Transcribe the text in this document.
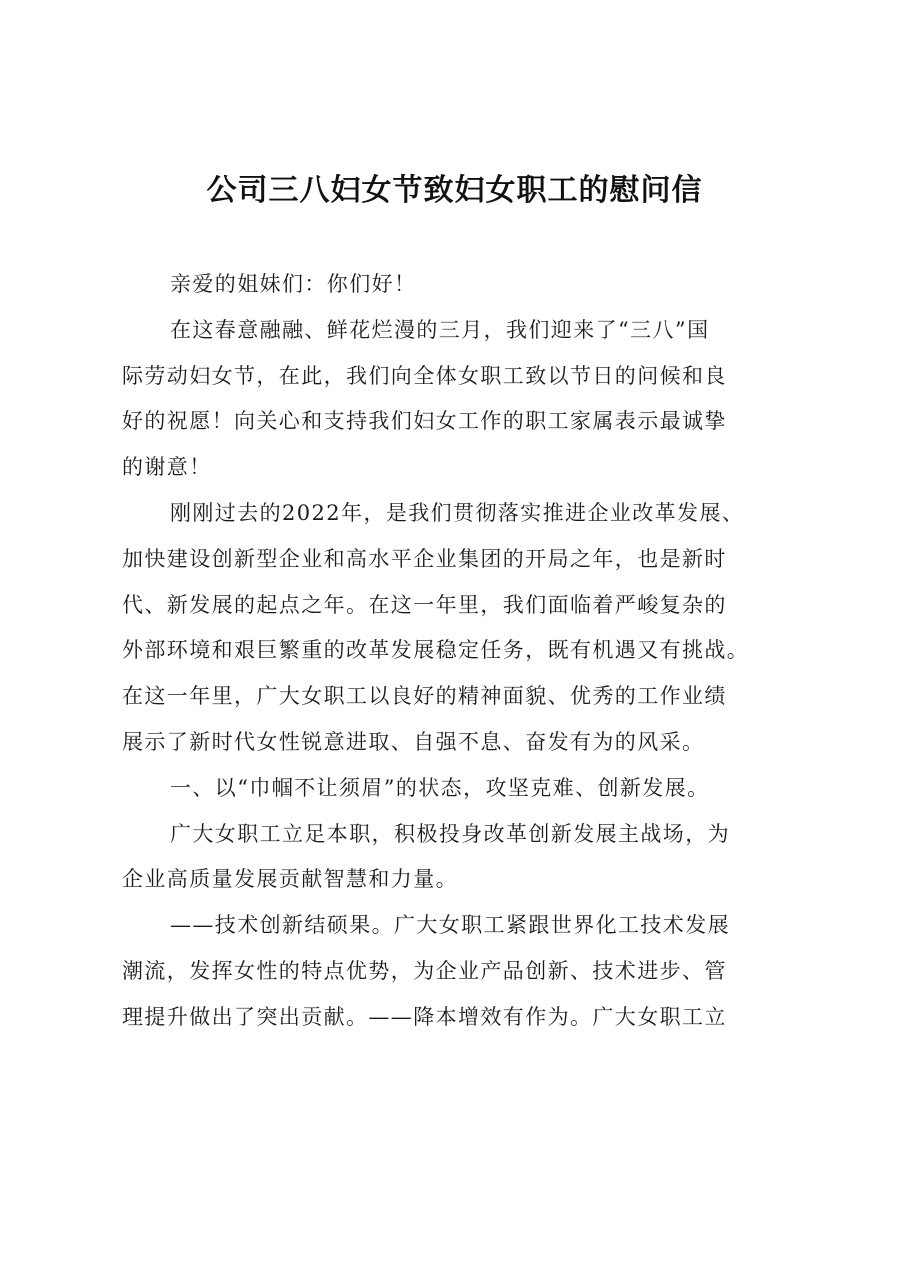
公司三八妇女节致妇女职工的慰问信
亲爱的姐妹们：你们好！
在这春意融融、鲜花烂漫的三月，我们迎来了“三八”国
际劳动妇女节，在此，我们向全体女职工致以节日的问候和良
好的祝愿！向关心和支持我们妇女工作的职工家属表示最诚挚
的谢意！
刚刚过去的2022年，是我们贯彻落实推进企业改革发展、
加快建设创新型企业和高水平企业集团的开局之年，也是新时
代、新发展的起点之年。在这一年里，我们面临着严峻复杂的
外部环境和艰巨繁重的改革发展稳定任务，既有机遇又有挑战。
在这一年里，广大女职工以良好的精神面貌、优秀的工作业绩
展示了新时代女性锐意进取、自强不息、奋发有为的风采。
一、以“巾帼不让须眉”的状态，攻坚克难、创新发展。
广大女职工立足本职，积极投身改革创新发展主战场，为
企业高质量发展贡献智慧和力量。
——技术创新结硕果。广大女职工紧跟世界化工技术发展
潮流，发挥女性的特点优势，为企业产品创新、技术进步、管
理提升做出了突出贡献。——降本增效有作为。广大女职工立
